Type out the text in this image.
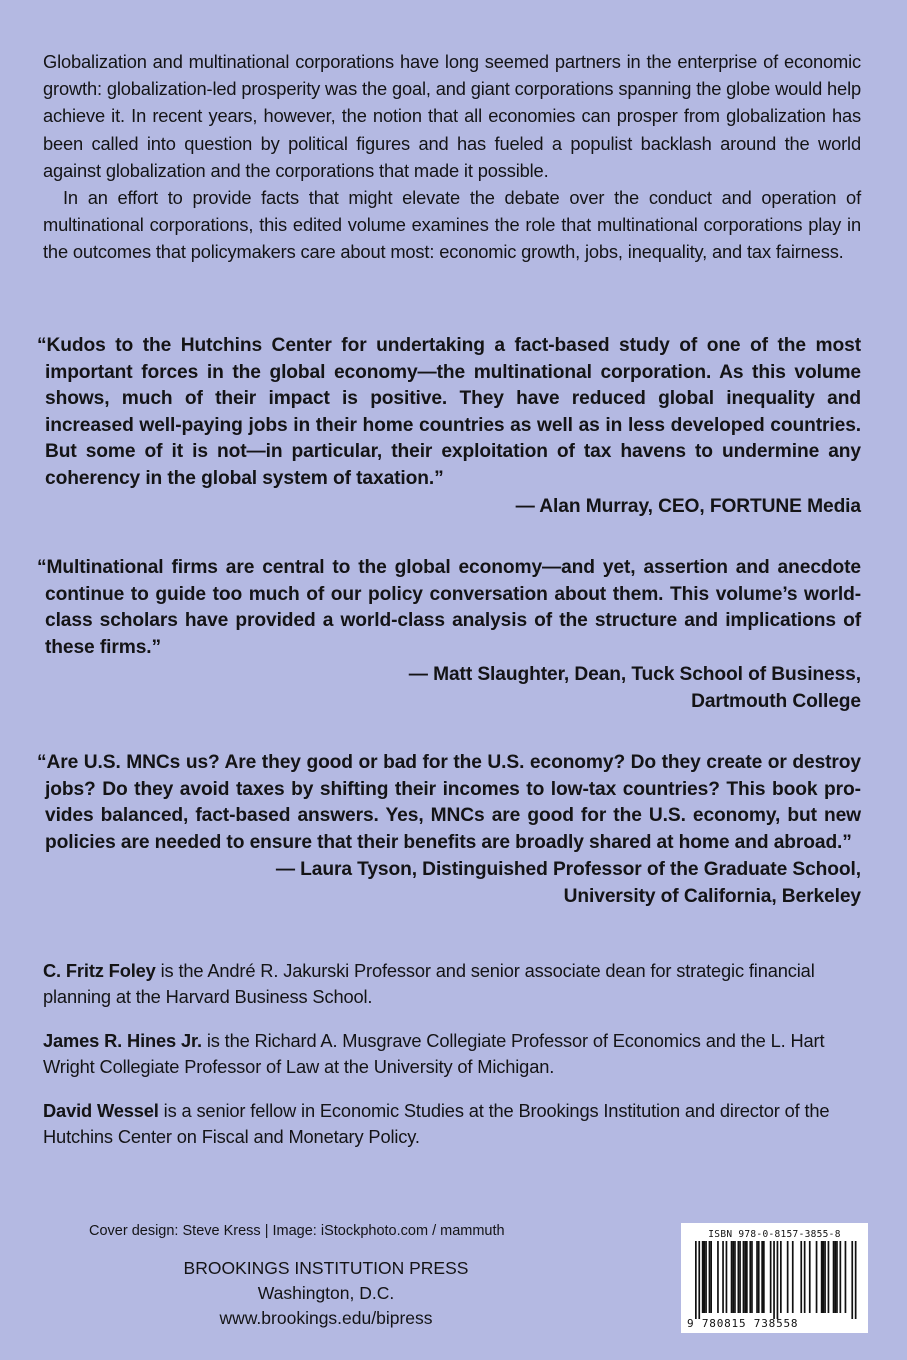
Globalization and multinational corporations have long seemed partners in the enterprise of economic growth: globalization-led prosperity was the goal, and giant corporations spanning the globe would help achieve it. In recent years, however, the notion that all economies can prosper from globalization has been called into question by political figures and has fueled a populist backlash around the world against globalization and the corporations that made it possible.

In an effort to provide facts that might elevate the debate over the conduct and operation of multinational corporations, this edited volume examines the role that multinational corporations play in the outcomes that policymakers care about most: economic growth, jobs, inequality, and tax fairness.

“Kudos to the Hutchins Center for undertaking a fact-based study of one of the most important forces in the global economy—the multinational corporation. As this volume shows, much of their impact is positive. They have reduced global inequality and increased well-paying jobs in their home countries as well as in less developed countries. But some of it is not—in particular, their exploitation of tax havens to undermine any coherency in the global system of taxation.”

— Alan Murray, CEO, FORTUNE Media

“Multinational firms are central to the global economy—and yet, assertion and anecdote continue to guide too much of our policy conversation about them. This volume’s world-class scholars have provided a world-class analysis of the structure and implications of these firms.”

— Matt Slaughter, Dean, Tuck School of Business,
Dartmouth College

“Are U.S. MNCs us? Are they good or bad for the U.S. economy? Do they create or destroy jobs? Do they avoid taxes by shifting their incomes to low-tax countries? This book provides balanced, fact-based answers. Yes, MNCs are good for the U.S. economy, but new policies are needed to ensure that their benefits are broadly shared at home and abroad.”

— Laura Tyson, Distinguished Professor of the Graduate School,
University of California, Berkeley
C. Fritz Foley is the André R. Jakurski Professor and senior associate dean for strategic financial planning at the Harvard Business School.
James R. Hines Jr. is the Richard A. Musgrave Collegiate Professor of Economics and the L. Hart Wright Collegiate Professor of Law at the University of Michigan.
David Wessel is a senior fellow in Economic Studies at the Brookings Institution and director of the Hutchins Center on Fiscal and Monetary Policy.
Cover design: Steve Kress | Image: iStockphoto.com / mammuth
BROOKINGS INSTITUTION PRESS
Washington, D.C.
www.brookings.edu/bipress
ISBN 978-0-8157-3855-8
9 780815 738558
